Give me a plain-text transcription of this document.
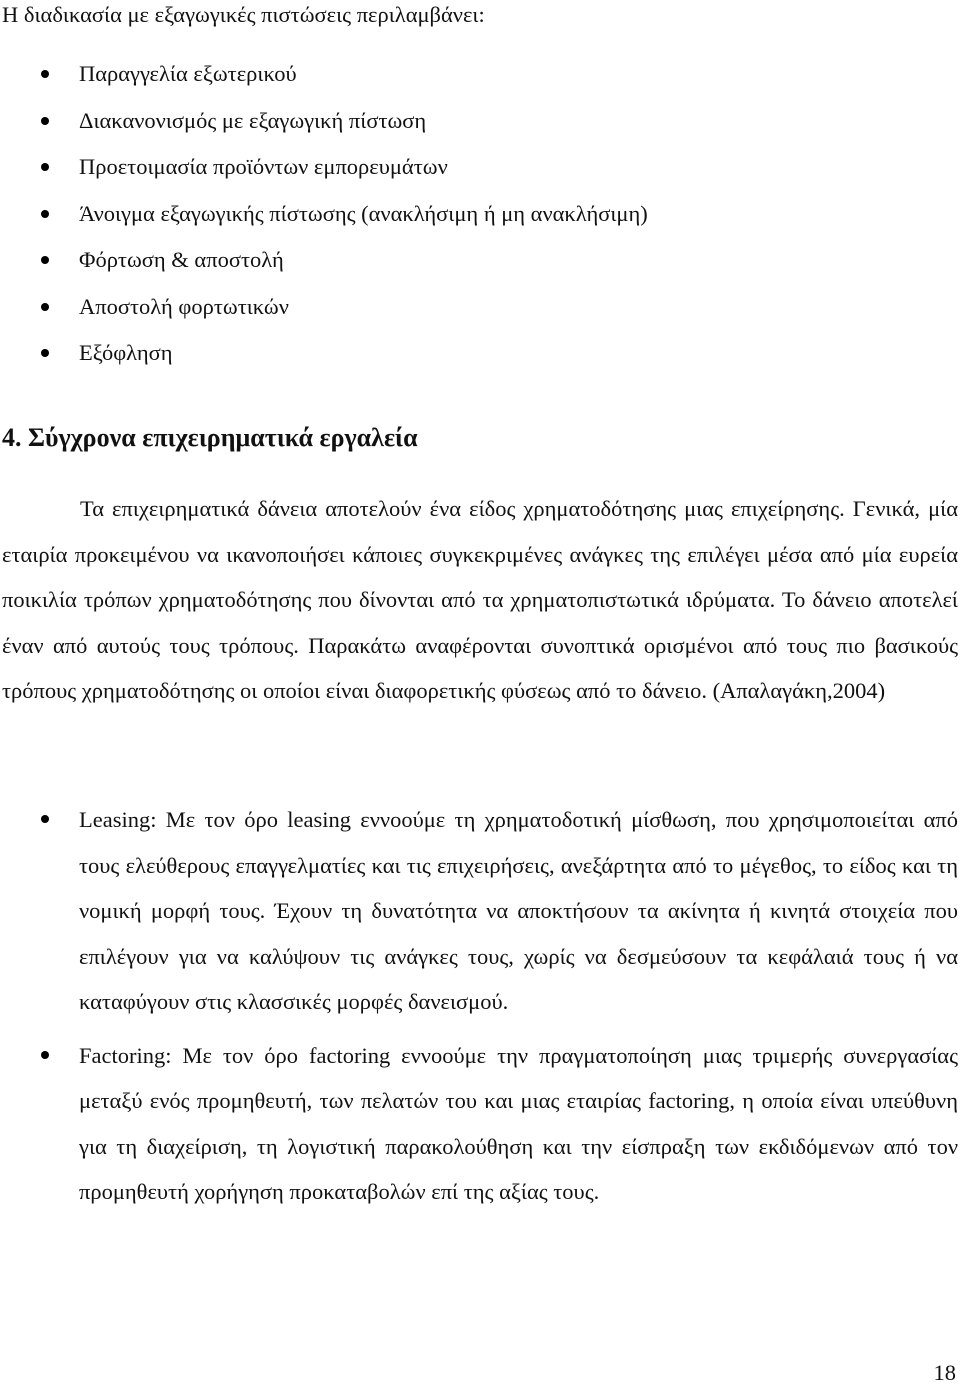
Η διαδικασία με εξαγωγικές πιστώσεις περιλαμβάνει:

Παραγγελία εξωτερικού
Διακανονισμός με εξαγωγική πίστωση
Προετοιμασία προϊόντων εμπορευμάτων
Άνοιγμα εξαγωγικής πίστωσης (ανακλήσιμη ή μη ανακλήσιμη)
Φόρτωση & αποστολή
Αποστολή φορτωτικών
Εξόφληση
4. Σύγχρονα επιχειρηματικά εργαλεία

Τα επιχειρηματικά δάνεια αποτελούν ένα είδος χρηματοδότησης μιας επιχείρησης. Γενικά, μία εταιρία προκειμένου να ικανοποιήσει κάποιες συγκεκριμένες ανάγκες της επιλέγει μέσα από μία ευρεία ποικιλία τρόπων χρηματοδότησης που δίνονται από τα χρηματοπιστωτικά ιδρύματα. Το δάνειο αποτελεί έναν από αυτούς τους τρόπους. Παρακάτω αναφέρονται συνοπτικά ορισμένοι από τους πιο βασικούς τρόπους χρηματοδότησης οι οποίοι είναι διαφορετικής φύσεως από το δάνειο. (Απαλαγάκη,2004)

Leasing: Με τον όρο leasing εννοούμε τη χρηματοδοτική μίσθωση, που χρησιμοποιείται από τους ελεύθερους επαγγελματίες και τις επιχειρήσεις, ανεξάρτητα από το μέγεθος, το είδος και τη νομική μορφή τους. Έχουν τη δυνατότητα να αποκτήσουν τα ακίνητα ή κινητά στοιχεία που επιλέγουν για να καλύψουν τις ανάγκες τους, χωρίς να δεσμεύσουν τα κεφάλαιά τους ή να καταφύγουν στις κλασσικές μορφές δανεισμού.
Factoring: Με τον όρο factoring εννοούμε την πραγματοποίηση μιας τριμερής συνεργασίας μεταξύ ενός προμηθευτή, των πελατών του και μιας εταιρίας factoring, η οποία είναι υπεύθυνη για τη διαχείριση, τη λογιστική παρακολούθηση και την είσπραξη των εκδιδόμενων από τον προμηθευτή χορήγηση προκαταβολών επί της αξίας τους.

18
